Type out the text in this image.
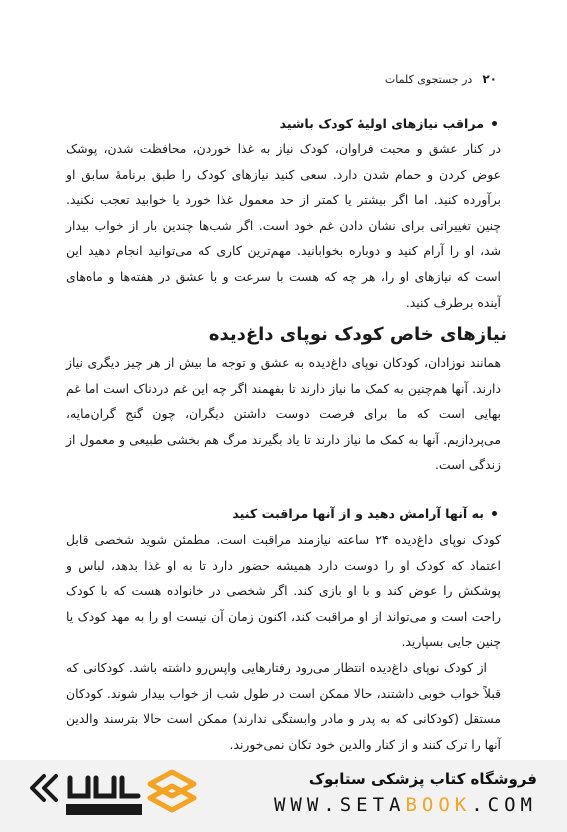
۲۰
در جستجوی کلمات
مراقب نیازهای اولیهٔ کودک باشید
در کنار عشق و محبت فراوان، کودک نیاز به غذا خوردن، محافظت شدن، پوشک عوض کردن و حمام شدن دارد. سعی کنید نیازهای کودک را طبق برنامهٔ سابق او برآورده کنید. اما اگر بیشتر یا کمتر از حد معمول غذا خورد یا خوابید تعجب نکنید. چنین تغییراتی برای نشان دادن غم خود است. اگر شب‌ها چندین بار از خواب بیدار شد، او را آرام کنید و دوباره بخوابانید. مهم‌ترین کاری که می‌توانید انجام دهید این است که نیازهای او را، هر چه که هست با سرعت و با عشق در هفته‌ها و ماه‌های آینده برطرف کنید.
نیازهای خاص کودک نوپای داغ‌دیده
همانند نوزادان، کودکان نوپای داغ‌دیده به عشق و توجه ما بیش از هر چیز دیگری نیاز دارند. آنها هم‌چنین به کمک ما نیاز دارند تا بفهمند اگر چه این غم دردناک است اما غم بهایی است که ما برای فرصت دوست داشتن دیگران، چون گنج گران‌مایه، می‌پردازیم. آنها به کمک ما نیاز دارند تا یاد بگیرند مرگ هم بخشی طبیعی و معمول از زندگی است.
به آنها آرامش دهید و از آنها مراقبت کنید
کودک نوپای داغ‌دیده ۲۴ ساعته نیازمند مراقبت است. مطمئن شوید شخصی قابل اعتماد که کودک او را دوست دارد همیشه حضور دارد تا به او غذا بدهد، لباس و پوشکش را عوض کند و با او بازی کند. اگر شخصی در خانواده هست که با کودک راحت است و می‌تواند از او مراقبت کند، اکنون زمان آن نیست او را به مهد کودک یا چنین جایی بسپارید.
از کودک نوپای داغ‌دیده انتظار می‌رود رفتارهایی واپس‌رو داشته باشد. کودکانی که قبلاً خواب خوبی داشتند، حالا ممکن است در طول شب از خواب بیدار شوند. کودکان مستقل (کودکانی که به پدر و مادر وابستگی ندارند) ممکن است حالا بترسند والدین آنها را ترک کنند و از کنار والدین خود تکان نمی‌خورند.
فروشگاه کتاب پزشکی ستابوک
WWW.SETABOOK.COM
